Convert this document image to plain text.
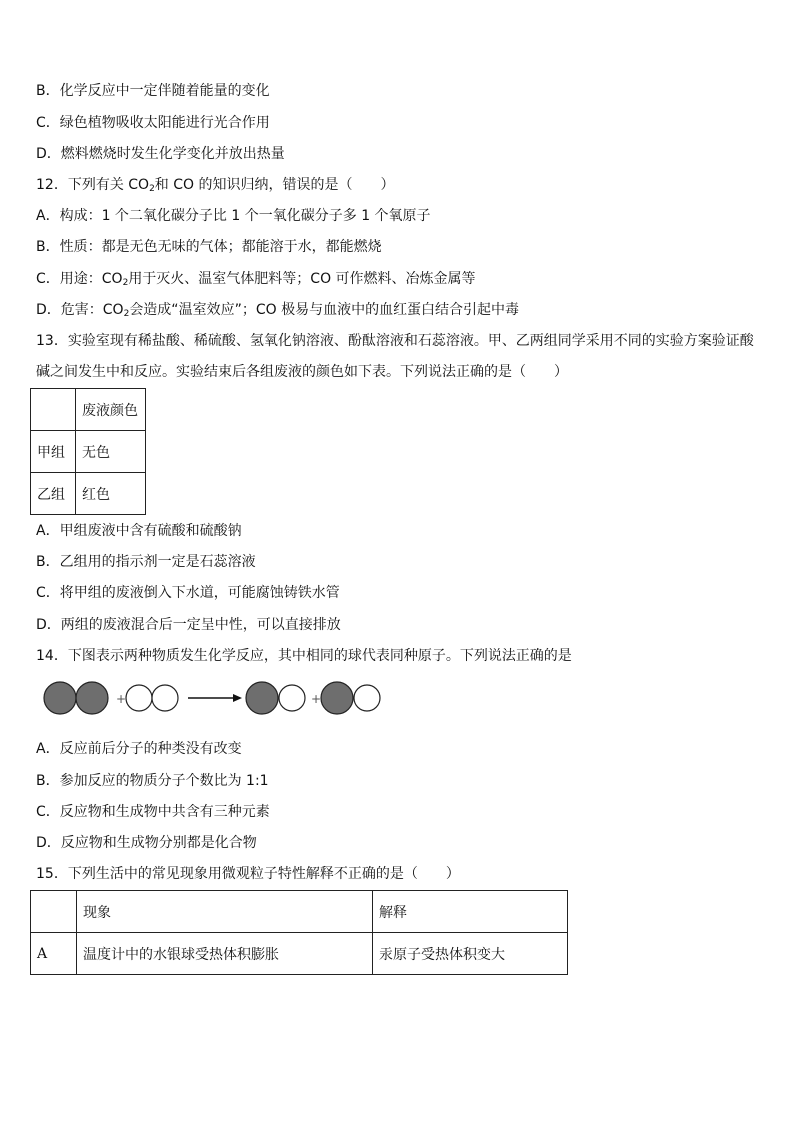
B．化学反应中一定伴随着能量的变化
C．绿色植物吸收太阳能进行光合作用
D．燃料燃烧时发生化学变化并放出热量
12．下列有关 $CO_2$和 CO 的知识归纳，错误的是（　　）
A．构成：1 个二氧化碳分子比 1 个一氧化碳分子多 1 个氧原子
B．性质：都是无色无味的气体；都能溶于水，都能燃烧
C．用途：$CO_2$用于灭火、温室气体肥料等；CO 可作燃料、冶炼金属等
D．危害：$CO_2$会造成“温室效应”；CO 极易与血液中的血红蛋白结合引起中毒
13．实验室现有稀盐酸、稀硫酸、氢氧化钠溶液、酚酞溶液和石蕊溶液。甲、乙两组同学采用不同的实验方案验证酸
碱之间发生中和反应。实验结束后各组废液的颜色如下表。下列说法正确的是（　　）
	废液颜色
甲组	无色
乙组	红色
A．甲组废液中含有硫酸和硫酸钠
B．乙组用的指示剂一定是石蕊溶液
C．将甲组的废液倒入下水道，可能腐蚀铸铁水管
D．两组的废液混合后一定呈中性，可以直接排放
14．下图表示两种物质发生化学反应，其中相同的球代表同种原子。下列说法正确的是
+	+
A．反应前后分子的种类没有改变
B．参加反应的物质分子个数比为 1:1
C．反应物和生成物中共含有三种元素
D．反应物和生成物分别都是化合物
15．下列生活中的常见现象用微观粒子特性解释不正确的是（　　）
	现象	解释
A	温度计中的水银球受热体积膨胀	汞原子受热体积变大
